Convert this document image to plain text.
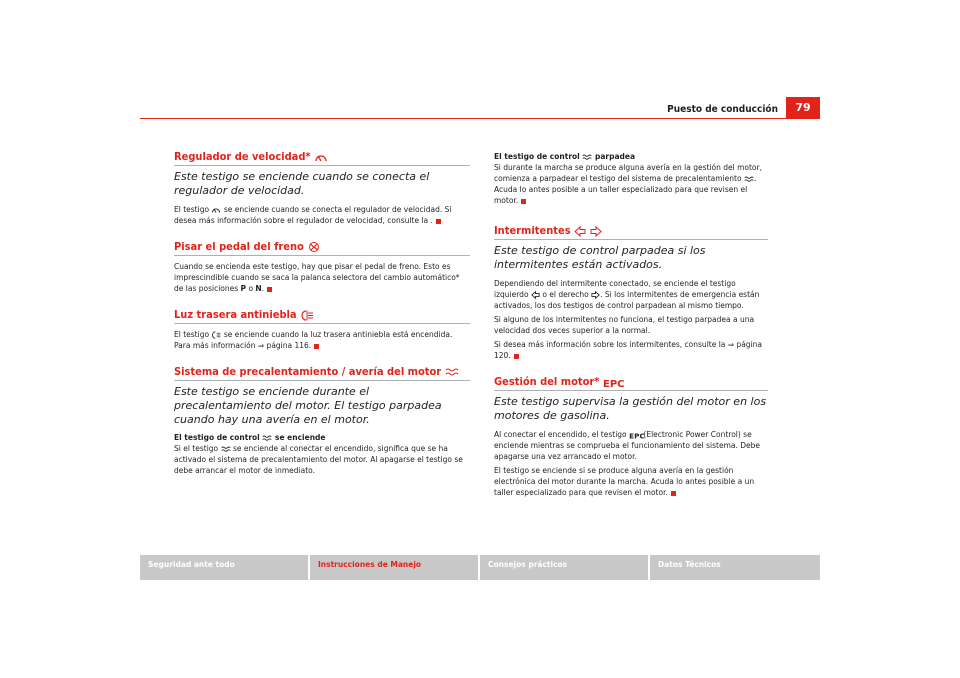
Puesto de conducción	79
Regulador de velocidad*
Este testigo se enciende cuando se conecta el regulador de velocidad.

El testigo se enciende cuando se conecta el regulador de velocidad. Si desea más información sobre el regulador de velocidad, consulte la .

Pisar el pedal del freno

Cuando se encienda este testigo, hay que pisar el pedal de freno. Esto es imprescindible cuando se saca la palanca selectora del cambio automático* de las posiciones P o N.

Luz trasera antiniebla

El testigo se enciende cuando la luz trasera antiniebla está encendida. Para más información ⇒ página 116.

Sistema de precalentamiento / avería del motor
Este testigo se enciende durante el precalentamiento del motor. El testigo parpadea cuando hay una avería en el motor.
El testigo de control se enciende

Si el testigo se enciende al conectar el encendido, significa que se ha activado el sistema de precalentamiento del motor. Al apagarse el testigo se debe arrancar el motor de inmediato.

El testigo de control parpadea

Si durante la marcha se produce alguna avería en la gestión del motor, comienza a parpadear el testigo del sistema de precalentamiento . Acuda lo antes posible a un taller especializado para que revisen el motor.

Intermitentes
Este testigo de control parpadea si los intermitentes están activados.

Dependiendo del intermitente conectado, se enciende el testigo izquierdo o el derecho . Si los intermitentes de emergencia están activados, los dos testigos de control parpadean al mismo tiempo.

Si alguno de los intermitentes no funciona, el testigo parpadea a una velocidad dos veces superior a la normal.

Si desea más información sobre los intermitentes, consulte la ⇒ página 120.

Gestión del motor* EPC
Este testigo supervisa la gestión del motor en los motores de gasolina.

Al conectar el encendido, el testigo EPC
(Electronic Power Control) se enciende mientras se comprueba el funcionamiento del sistema. Debe apagarse una vez arrancado el motor.

El testigo se enciende si se produce alguna avería en la gestión electrónica del motor durante la marcha. Acuda lo antes posible a un taller especializado para que revisen el motor.

Seguridad ante todo	Instrucciones de Manejo	Consejos prácticos	Datos Técnicos
